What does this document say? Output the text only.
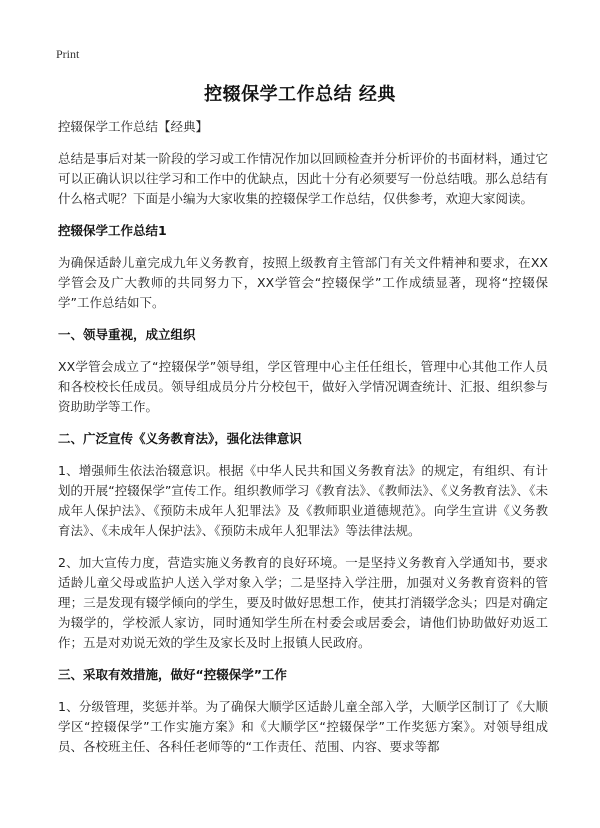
Print
控辍保学工作总结 经典

控辍保学工作总结【经典】

总结是事后对某一阶段的学习或工作情况作加以回顾检查并分析评价的书面材料，通过它可以正确认识以往学习和工作中的优缺点，因此十分有必须要写一份总结哦。那么总结有什么格式呢？下面是小编为大家收集的控辍保学工作总结，仅供参考，欢迎大家阅读。

控辍保学工作总结1

为确保适龄儿童完成九年义务教育，按照上级教育主管部门有关文件精神和要求，在XX学管会及广大教师的共同努力下，XX学管会“控辍保学”工作成绩显著，现将“控辍保学”工作总结如下。

一、领导重视，成立组织

XX学管会成立了“控辍保学”领导组，学区管理中心主任任组长，管理中心其他工作人员和各校校长任成员。领导组成员分片分校包干，做好入学情况调查统计、汇报、组织参与资助助学等工作。

二、广泛宣传《义务教育法》，强化法律意识

1、增强师生依法治辍意识。根据《中华人民共和国义务教育法》的规定，有组织、有计划的开展“控辍保学”宣传工作。组织教师学习《教育法》、《教师法》、《义务教育法》、《未成年人保护法》、《预防未成年人犯罪法》及《教师职业道德规范》。向学生宣讲《义务教育法》、《未成年人保护法》、《预防未成年人犯罪法》等法律法规。

2、加大宣传力度，营造实施义务教育的良好环境。一是坚持义务教育入学通知书，要求适龄儿童父母或监护人送入学对象入学；二是坚持入学注册，加强对义务教育资料的管理；三是发现有辍学倾向的学生，要及时做好思想工作，使其打消辍学念头；四是对确定为辍学的，学校派人家访，同时通知学生所在村委会或居委会，请他们协助做好劝返工作；五是对劝说无效的学生及家长及时上报镇人民政府。

三、采取有效措施，做好“控辍保学”工作

1、分级管理，奖惩并举。为了确保大顺学区适龄儿童全部入学，大顺学区制订了《大顺学区“控辍保学”工作实施方案》和《大顺学区“控辍保学”工作奖惩方案》。对领导组成员、各校班主任、各科任老师等的“工作责任、范围、内容、要求等都
